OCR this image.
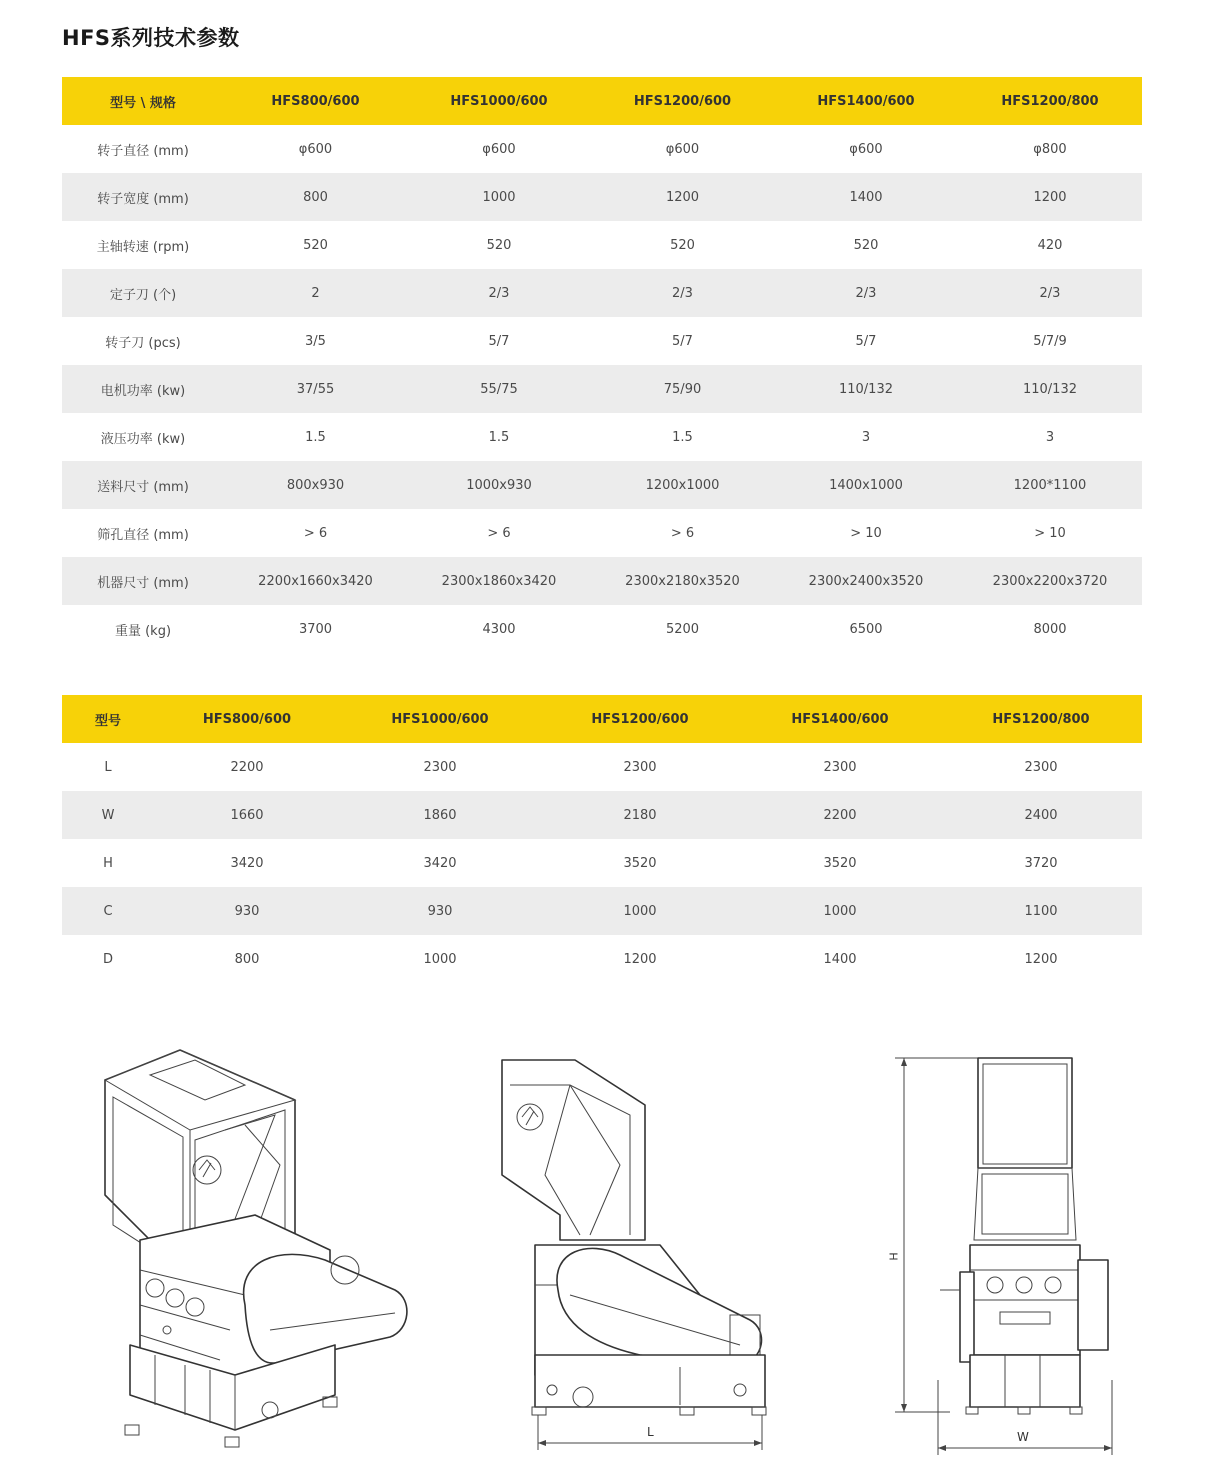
HFS系列技术参数
型号 \ 规格	HFS800/600	HFS1000/600	HFS1200/600	HFS1400/600	HFS1200/800
转子直径 (mm)	φ600	φ600	φ600	φ600	φ800
转子宽度 (mm)	800	1000	1200	1400	1200
主轴转速 (rpm)	520	520	520	520	420
定子刀 (个)	2	2/3	2/3	2/3	2/3
转子刀 (pcs)	3/5	5/7	5/7	5/7	5/7/9
电机功率 (kw)	37/55	55/75	75/90	110/132	110/132
液压功率 (kw)	1.5	1.5	1.5	3	3
送料尺寸 (mm)	800x930	1000x930	1200x1000	1400x1000	1200*1100
筛孔直径 (mm)	> 6	> 6	> 6	> 10	> 10
机器尺寸 (mm)	2200x1660x3420	2300x1860x3420	2300x2180x3520	2300x2400x3520	2300x2200x3720
重量 (kg)	3700	4300	5200	6500	8000
型号	HFS800/600	HFS1000/600	HFS1200/600	HFS1400/600	HFS1200/800
L	2200	2300	2300	2300	2300
W	1660	1860	2180	2200	2400
H	3420	3420	3520	3520	3720
C	930	930	1000	1000	1100
D	800	1000	1200	1400	1200
L
H
W
